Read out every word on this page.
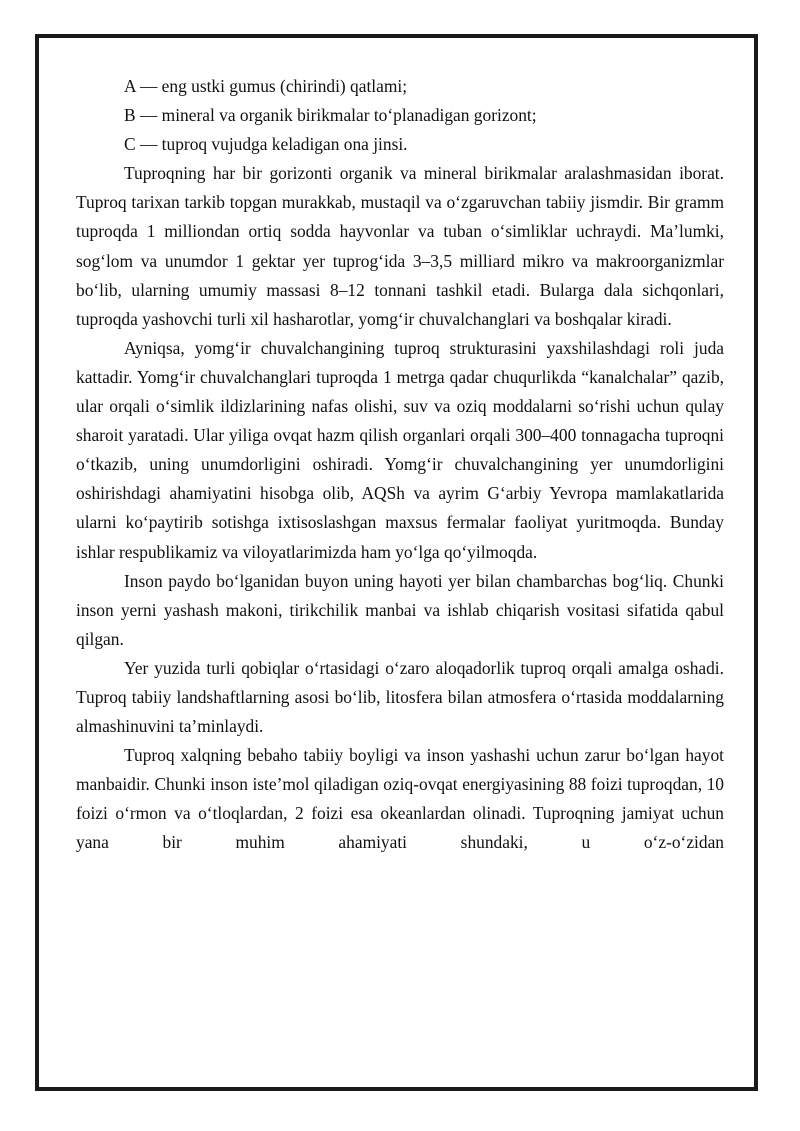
A — eng ustki gumus (chirindi) qatlami;

B — mineral va organik birikmalar to‘planadigan gorizont;

C — tuproq vujudga keladigan ona jinsi.

Tuproqning har bir gorizonti organik va mineral birikmalar aralashmasidan iborat. Tuproq tarixan tarkib topgan murakkab, mustaqil va o‘zgaruvchan tabiiy jismdir. Bir gramm tuproqda 1 milliondan ortiq sodda hayvonlar va tuban o‘simliklar uchraydi. Ma’lumki, sog‘lom va unumdor 1 gektar yer tuprog‘ida 3–3,5 milliard mikro va makroorganizmlar bo‘lib, ularning umumiy massasi 8–12 tonnani tashkil etadi. Bularga dala sichqonlari, tuproqda yashovchi turli xil hasharotlar, yomg‘ir chuvalchanglari va boshqalar kiradi.

Ayniqsa, yomg‘ir chuvalchangining tuproq strukturasini yaxshilashdagi roli juda kattadir. Yomg‘ir chuvalchanglari tuproqda 1 metrga qadar chuqurlikda “kanalchalar” qazib, ular orqali o‘simlik ildizlarining nafas olishi, suv va oziq moddalarni so‘rishi uchun qulay sharoit yaratadi. Ular yiliga ovqat hazm qilish organlari orqali 300–400 tonnagacha tuproqni o‘tkazib, uning unumdorligini oshiradi. Yomg‘ir chuvalchangining yer unumdorligini oshirishdagi ahamiyatini hisobga olib, AQSh va ayrim G‘arbiy Yevropa mamlakatlarida ularni ko‘paytirib sotishga ixtisoslashgan maxsus fermalar faoliyat yuritmoqda. Bunday ishlar respublikamiz va viloyatlarimizda ham yo‘lga qo‘yilmoqda.

Inson paydo bo‘lganidan buyon uning hayoti yer bilan chambarchas bog‘liq. Chunki inson yerni yashash makoni, tirikchilik manbai va ishlab chiqarish vositasi sifatida qabul qilgan.

Yer yuzida turli qobiqlar o‘rtasidagi o‘zaro aloqadorlik tuproq orqali amalga oshadi. Tuproq tabiiy landshaftlarning asosi bo‘lib, litosfera bilan atmosfera o‘rtasida moddalarning almashinuvini ta’minlaydi.

Tuproq xalqning bebaho tabiiy boyligi va inson yashashi uchun zarur bo‘lgan hayot manbaidir. Chunki inson iste’mol qiladigan oziq-ovqat energiyasining 88 foizi tuproqdan, 10 foizi o‘rmon va o‘tloqlardan, 2 foizi esa okeanlardan olinadi. Tuproqning jamiyat uchun yana bir muhim ahamiyati shundaki, u o‘z-o‘zidan
